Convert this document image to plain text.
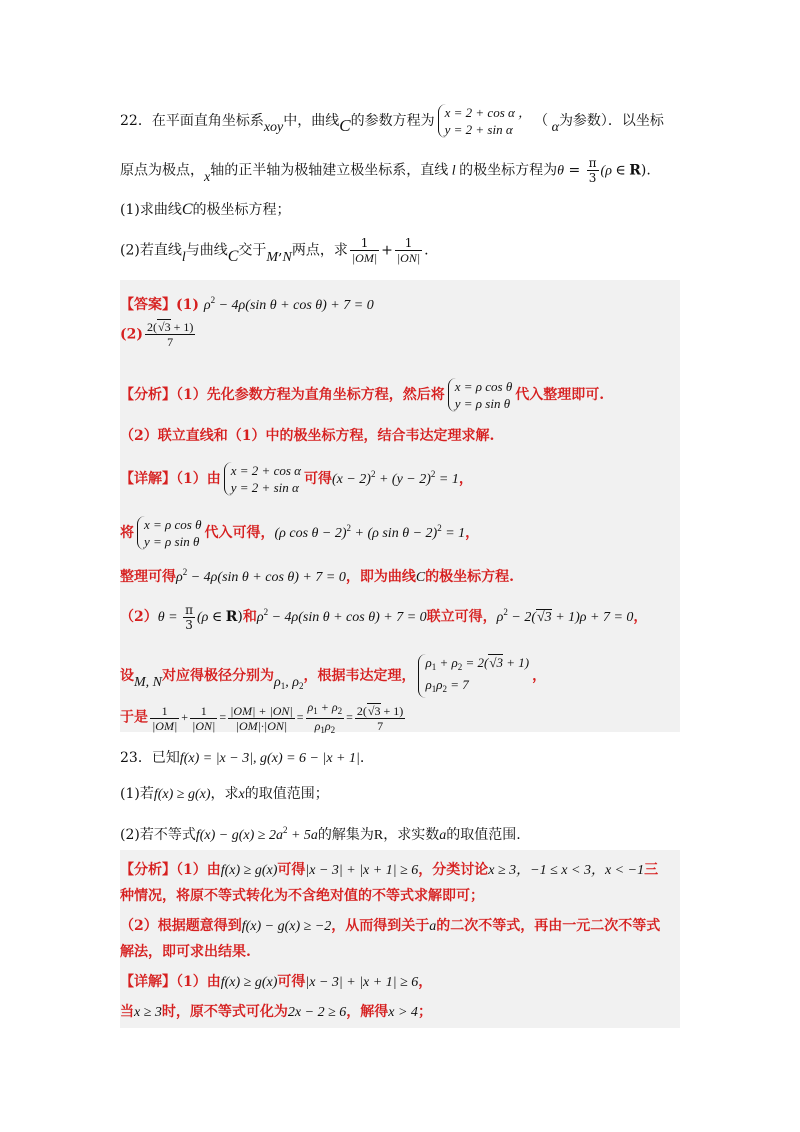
22．在平面直角坐标系xoy中，曲线C的参数方程为
x = 2 + cos α ，
y = 2 + sin α
（ α为参数）．以坐标
原点为极点，x轴的正半轴为极轴建立极坐标系，直线 l 的极坐标方程为$\theta = \frac{\pi}{3} (\rho$ ∈ R).
(1)求曲线C的极坐标方程；
(2)若直线l与曲线C交于M,N两点，求 $\frac{1}{|OM|} + \frac{1}{|ON|}$ .
【答案】(1) $\rho^2 - 4\rho(\sin$ θ + cos θ) + 7 = 0
$(2) \frac{2(√3 + 1)}{7}$
【分析】（1）先化参数方程为直角坐标方程，然后将
x = ρ cos θ
y = ρ sin θ
代入整理即可.
（2）联立直线和（1）中的极坐标方程，结合韦达定理求解.
【详解】（1）由
x = 2 + cos α
y = 2 + sin α
可得$(x - 2)^2 + (y - 2)^2 = 1$，
将
x = ρ cos θ
y = ρ sin θ
代入可得，(ρ cos θ − 2)$^2$ + (ρ sin θ − 2)$^2$ = 1，
整理可得$\rho^2 - 4\rho(\sin$ θ + cos θ) + 7 = 0，即为曲线C的极坐标方程.
$(2)\theta = \frac{\pi}{3} (\rho$ ∈ R)和$\rho^2 - 4\rho(\sin$ θ + cos θ) + 7 = 0联立可得，$\rho^2 - 2(√3 + 1)\rho + 7 = 0$，
设M, N对应得极径分别为$\rho_1$, $\rho_2$，根据韦达定理，
$\rho_1 + \rho_2 = 2(√3 + 1)$
$\rho_1\rho_2 = 7$
，
于是 $\frac{1}{|OM|} + \frac{1}{|ON|} = \frac{|OM| + |ON|}{|OM|\cdot|ON|} = \frac{\rho_1 + \rho_2}{\rho_1\rho_2} = \frac{2(√3 + 1)}{7}$
23．已知f(x) = |x − 3|, g(x) = 6 − |x + 1|.
(1)若f(x) ≥ g(x)，求x的取值范围；
(2)若不等式$f(x) - g(x) \ge 2a^2 + 5a$的解集为R，求实数a的取值范围.
【分析】（1）由f(x) ≥ g(x)可得|x − 3| + |x + 1| ≥ 6，分类讨论x ≥ 3，−1 ≤ x < 3，x < −1三
种情况，将原不等式转化为不含绝对值的不等式求解即可；
（2）根据题意得到f(x) − g(x) ≥ −2，从而得到关于a的二次不等式，再由一元二次不等式
解法，即可求出结果.
【详解】（1）由f(x) ≥ g(x)可得|x − 3| + |x + 1| ≥ 6，
当x ≥ 3时，原不等式可化为2x − 2 ≥ 6，解得x > 4；
